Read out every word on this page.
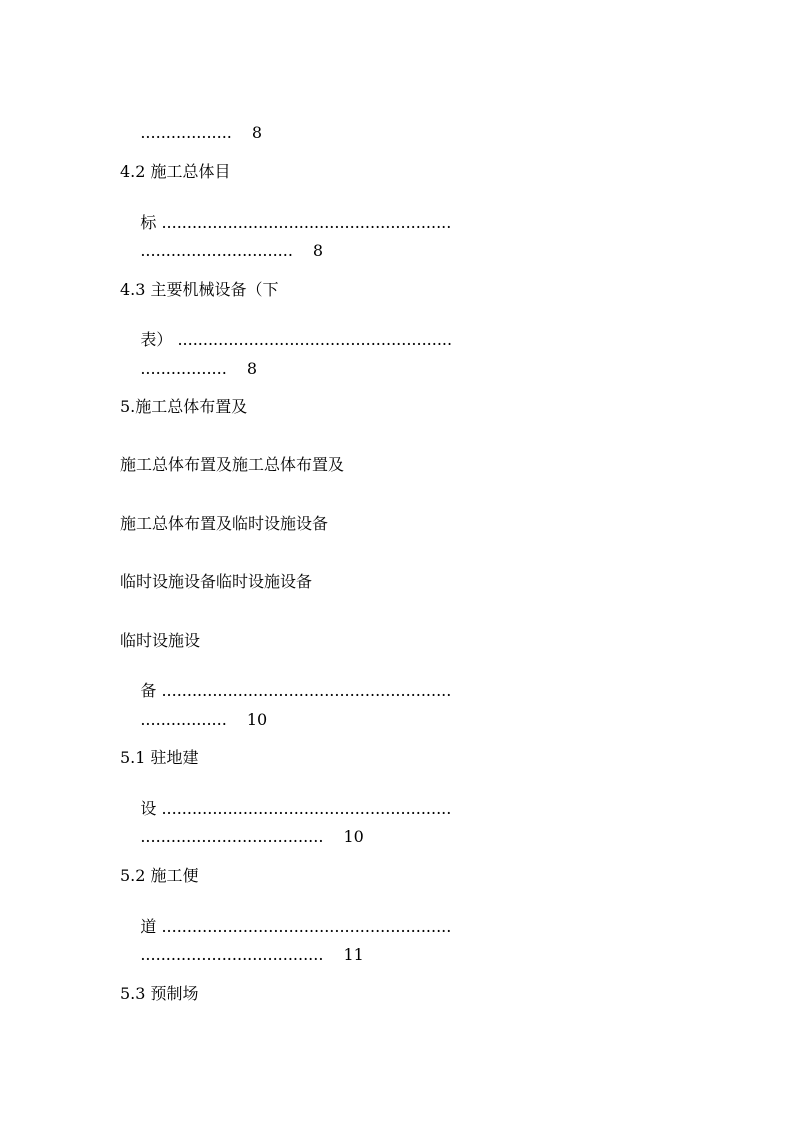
.................. 8

4.2 施工总体目

标 .........................................................

.............................. 8

4.3 主要机械设备（下

表） ......................................................

................. 8

5.施工总体布置及
施工总体布置及施工总体布置及
施工总体布置及临时设施设备
临时设施设备临时设施设备
临时设施设

备 .........................................................

................. 10

5.1 驻地建

设 .........................................................

.................................... 10

5.2 施工便

道 .........................................................

.................................... 11

5.3 预制场
